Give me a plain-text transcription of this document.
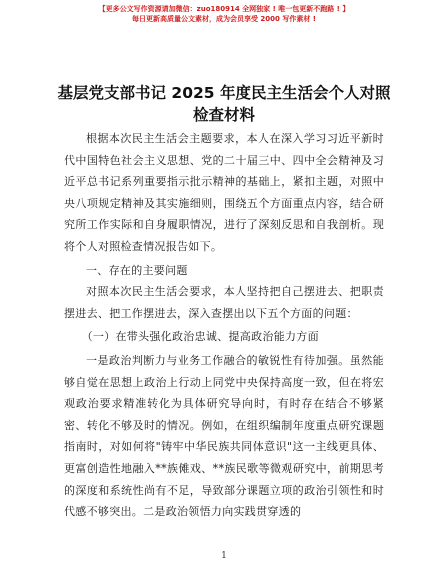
【更多公文写作资源请加微信：zuo180914 全网独家 ! 唯一包更新不跑路 ! 】
每日更新高质量公文素材，成为会员享受 2000 写作素材 !
基层党支部书记 2025 年度民主生活会个人对照
检查材料

根据本次民主生活会主题要求，本人在深入学习习近平新时代中国特色社会主义思想、党的二十届三中、四中全会精神及习近平总书记系列重要指示批示精神的基础上，紧扣主题，对照中央八项规定精神及其实施细则，围绕五个方面重点内容，结合研究所工作实际和自身履职情况，进行了深刻反思和自我剖析。现将个人对照检查情况报告如下。

一、存在的主要问题

对照本次民主生活会要求，本人坚持把自己摆进去、把职责摆进去、把工作摆进去，深入查摆出以下五个方面的问题：

（一）在带头强化政治忠诚、提高政治能力方面

一是政治判断力与业务工作融合的敏锐性有待加强。虽然能够自觉在思想上政治上行动上同党中央保持高度一致，但在将宏观政治要求精准转化为具体研究导向时，有时存在结合不够紧密、转化不够及时的情况。例如，在组织编制年度重点研究课题指南时，对如何将"铸牢中华民族共同体意识"这一主线更具体、更富创造性地融入**族傩戏、**族民歌等微观研究中，前期思考的深度和系统性尚有不足，导致部分课题立项的政治引领性和时代感不够突出。二是政治领悟力向实践贯穿透的

1
